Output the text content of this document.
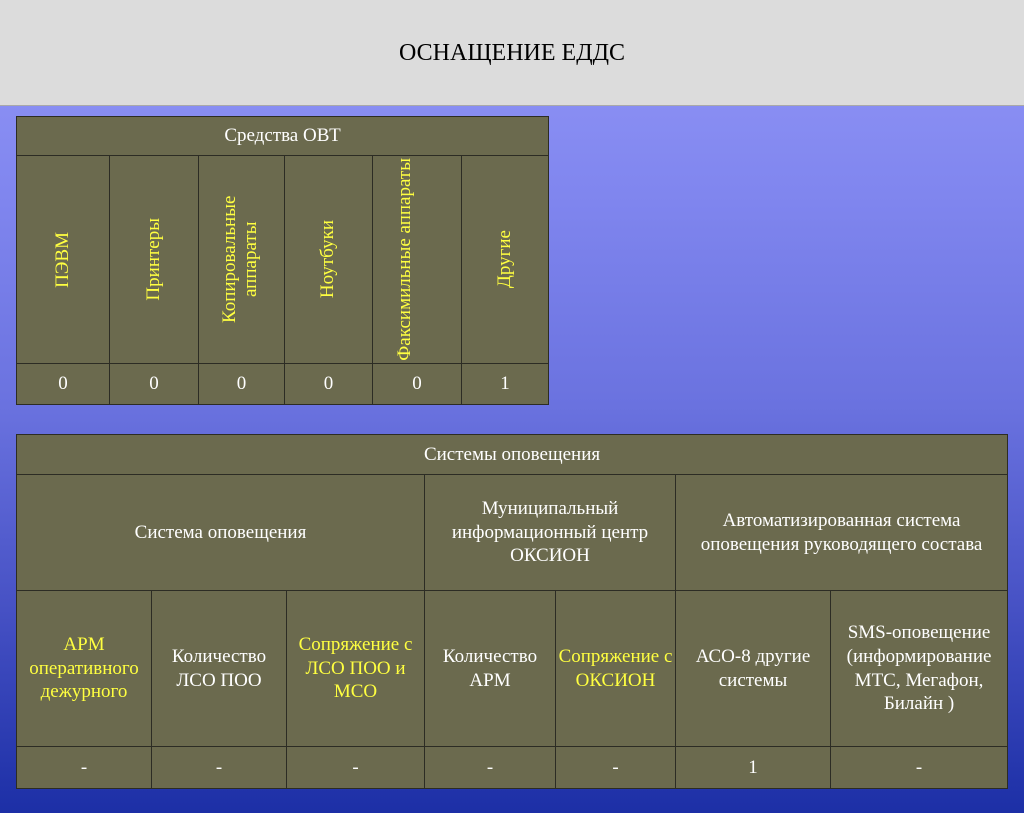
ОСНАЩЕНИЕ ЕДДС
Средства ОВТ					

ПЭВМ	Принтеры	Копировальные аппараты	Ноутбуки	Факсимильные аппараты	Другие

0	0	0	0	0	1
Системы оповещения						
Система оповещения			Муниципальный информационный центр ОКСИОН		Автоматизированная система оповещения руководящего состава	
АРМ оперативного дежурного	Количество ЛСО ПОО	Сопряжение с ЛСО ПОО и МСО	Количество АРМ	Сопряжение с ОКСИОН	АСО-8 другие системы	SMS-оповещение (информирование МТС, Мегафон, Билайн )
-	-	-	-	-	1	-
